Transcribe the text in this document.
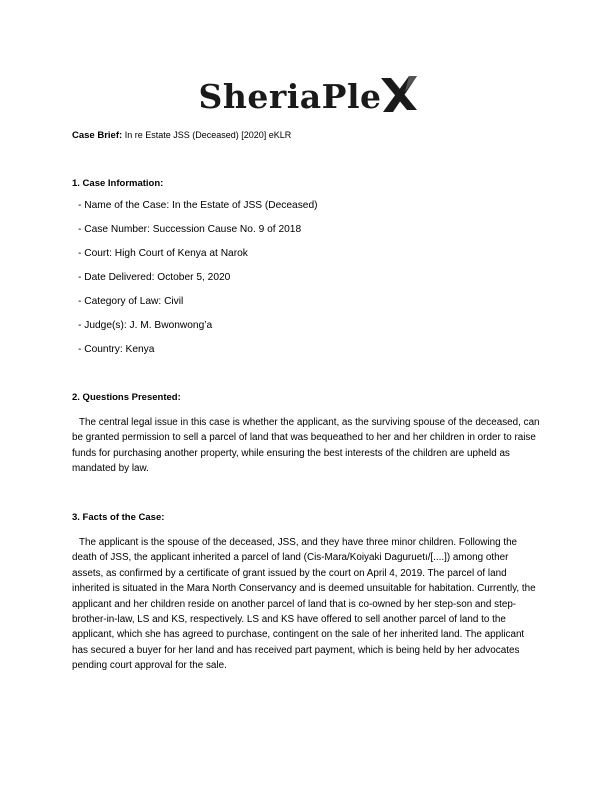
SheriaPle
Case Brief: In re Estate JSS (Deceased) [2020] eKLR
1. Case Information:
- Name of the Case: In the Estate of JSS (Deceased)
- Case Number: Succession Cause No. 9 of 2018
- Court: High Court of Kenya at Narok
- Date Delivered: October 5, 2020
- Category of Law: Civil
- Judge(s): J. M. Bwonwong’a
- Country: Kenya
2. Questions Presented:

The central legal issue in this case is whether the applicant, as the surviving spouse of the deceased, can be granted permission to sell a parcel of land that was bequeathed to her and her children in order to raise funds for purchasing another property, while ensuring the best interests of the children are upheld as mandated by law.

3. Facts of the Case:

The applicant is the spouse of the deceased, JSS, and they have three minor children. Following the death of JSS, the applicant inherited a parcel of land (Cis-Mara/Koiyaki Daguruetı/[....]) among other assets, as confirmed by a certificate of grant issued by the court on April 4, 2019. The parcel of land inherited is situated in the Mara North Conservancy and is deemed unsuitable for habitation. Currently, the applicant and her children reside on another parcel of land that is co-owned by her step-son and step-brother-in-law, LS and KS, respectively. LS and KS have offered to sell another parcel of land to the applicant, which she has agreed to purchase, contingent on the sale of her inherited land. The applicant has secured a buyer for her land and has received part payment, which is being held by her advocates pending court approval for the sale.
